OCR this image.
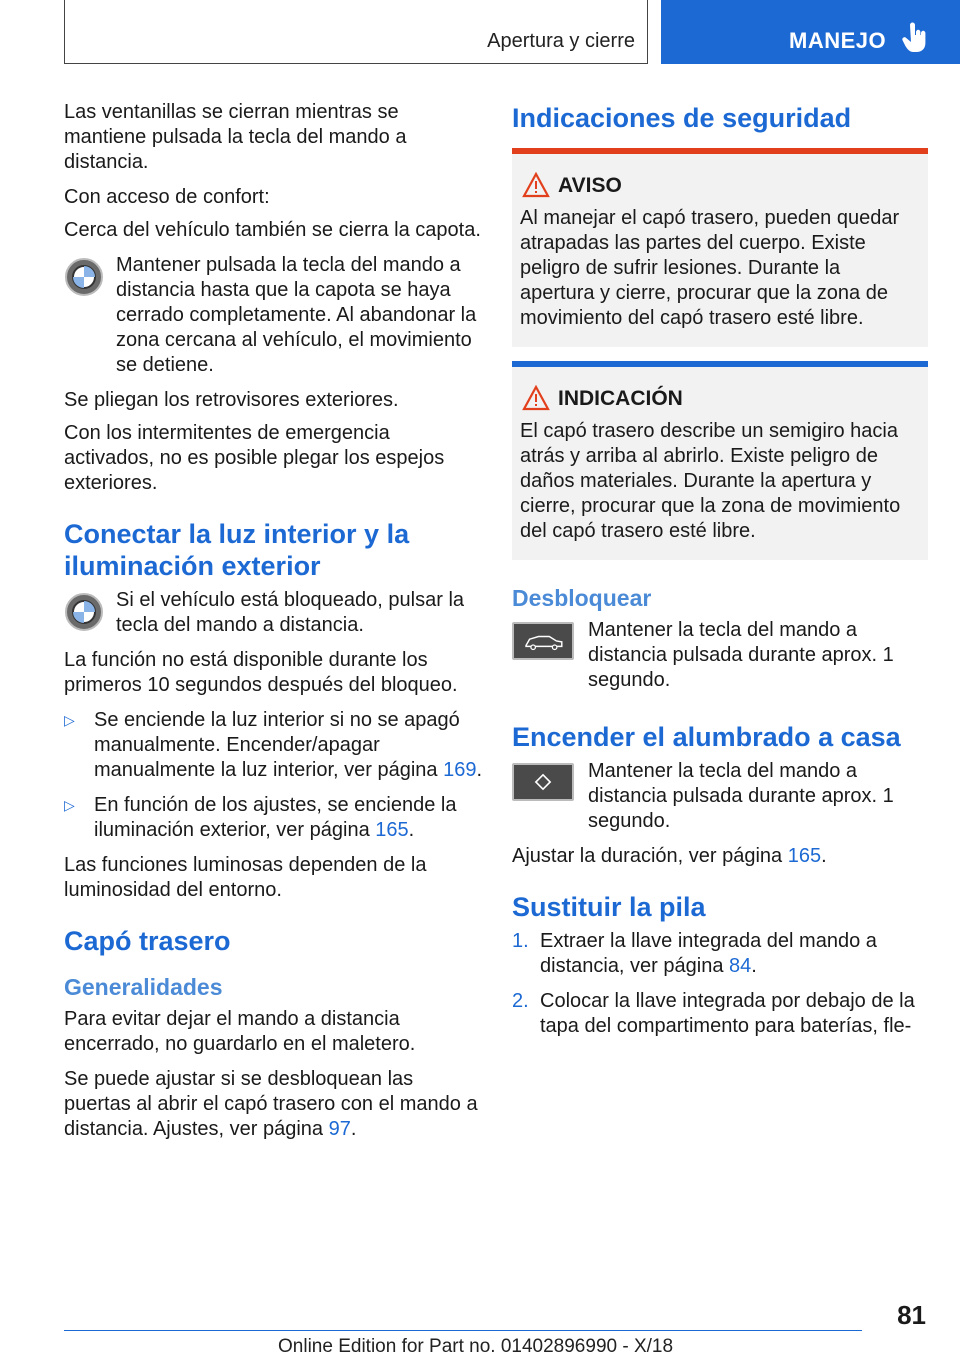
Apertura y cierre	MANEJO

Las ventanillas se cierran mientras se mantiene pulsada la tecla del mando a distancia.

Con acceso de confort:

Cerca del vehículo también se cierra la capota.

Mantener pulsada la tecla del mando a distancia hasta que la capota se haya cerrado completamente. Al abandonar la zona cercana al vehículo, el movimiento se detiene.

Se pliegan los retrovisores exteriores.

Con los intermitentes de emergencia activados, no es posible plegar los espejos exteriores.

Conectar la luz interior y la iluminación exterior
Si el vehículo está bloqueado, pulsar la tecla del mando a distancia.

La función no está disponible durante los primeros 10 segundos después del bloqueo.

▷ Se enciende la luz interior si no se apagó manualmente. Encender/apagar manualmente la luz interior, ver página 169.
▷ En función de los ajustes, se enciende la iluminación exterior, ver página 165.

Las funciones luminosas dependen de la luminosidad del entorno.

Capó trasero
Generalidades

Para evitar dejar el mando a distancia encerrado, no guardarlo en el maletero.

Se puede ajustar si se desbloquean las puertas al abrir el capó trasero con el mando a distancia. Ajustes, ver página 97.

Indicaciones de seguridad
AVISO
Al manejar el capó trasero, pueden quedar atrapadas las partes del cuerpo. Existe peligro de sufrir lesiones. Durante la apertura y cierre, procurar que la zona de movimiento del capó trasero esté libre.
INDICACIÓN
El capó trasero describe un semigiro hacia atrás y arriba al abrirlo. Existe peligro de daños materiales. Durante la apertura y cierre, procurar que la zona de movimiento del capó trasero esté libre.
Desbloquear
Mantener la tecla del mando a distancia pulsada durante aprox. 1 segundo.
Encender el alumbrado a casa
Mantener la tecla del mando a distancia pulsada durante aprox. 1 segundo.

Ajustar la duración, ver página 165.

Sustituir la pila
1. Extraer la llave integrada del mando a distancia, ver página 84.
2. Colocar la llave integrada por debajo de la tapa del compartimento para baterías, fle-
81
Online Edition for Part no. 01402896990 - X/18
